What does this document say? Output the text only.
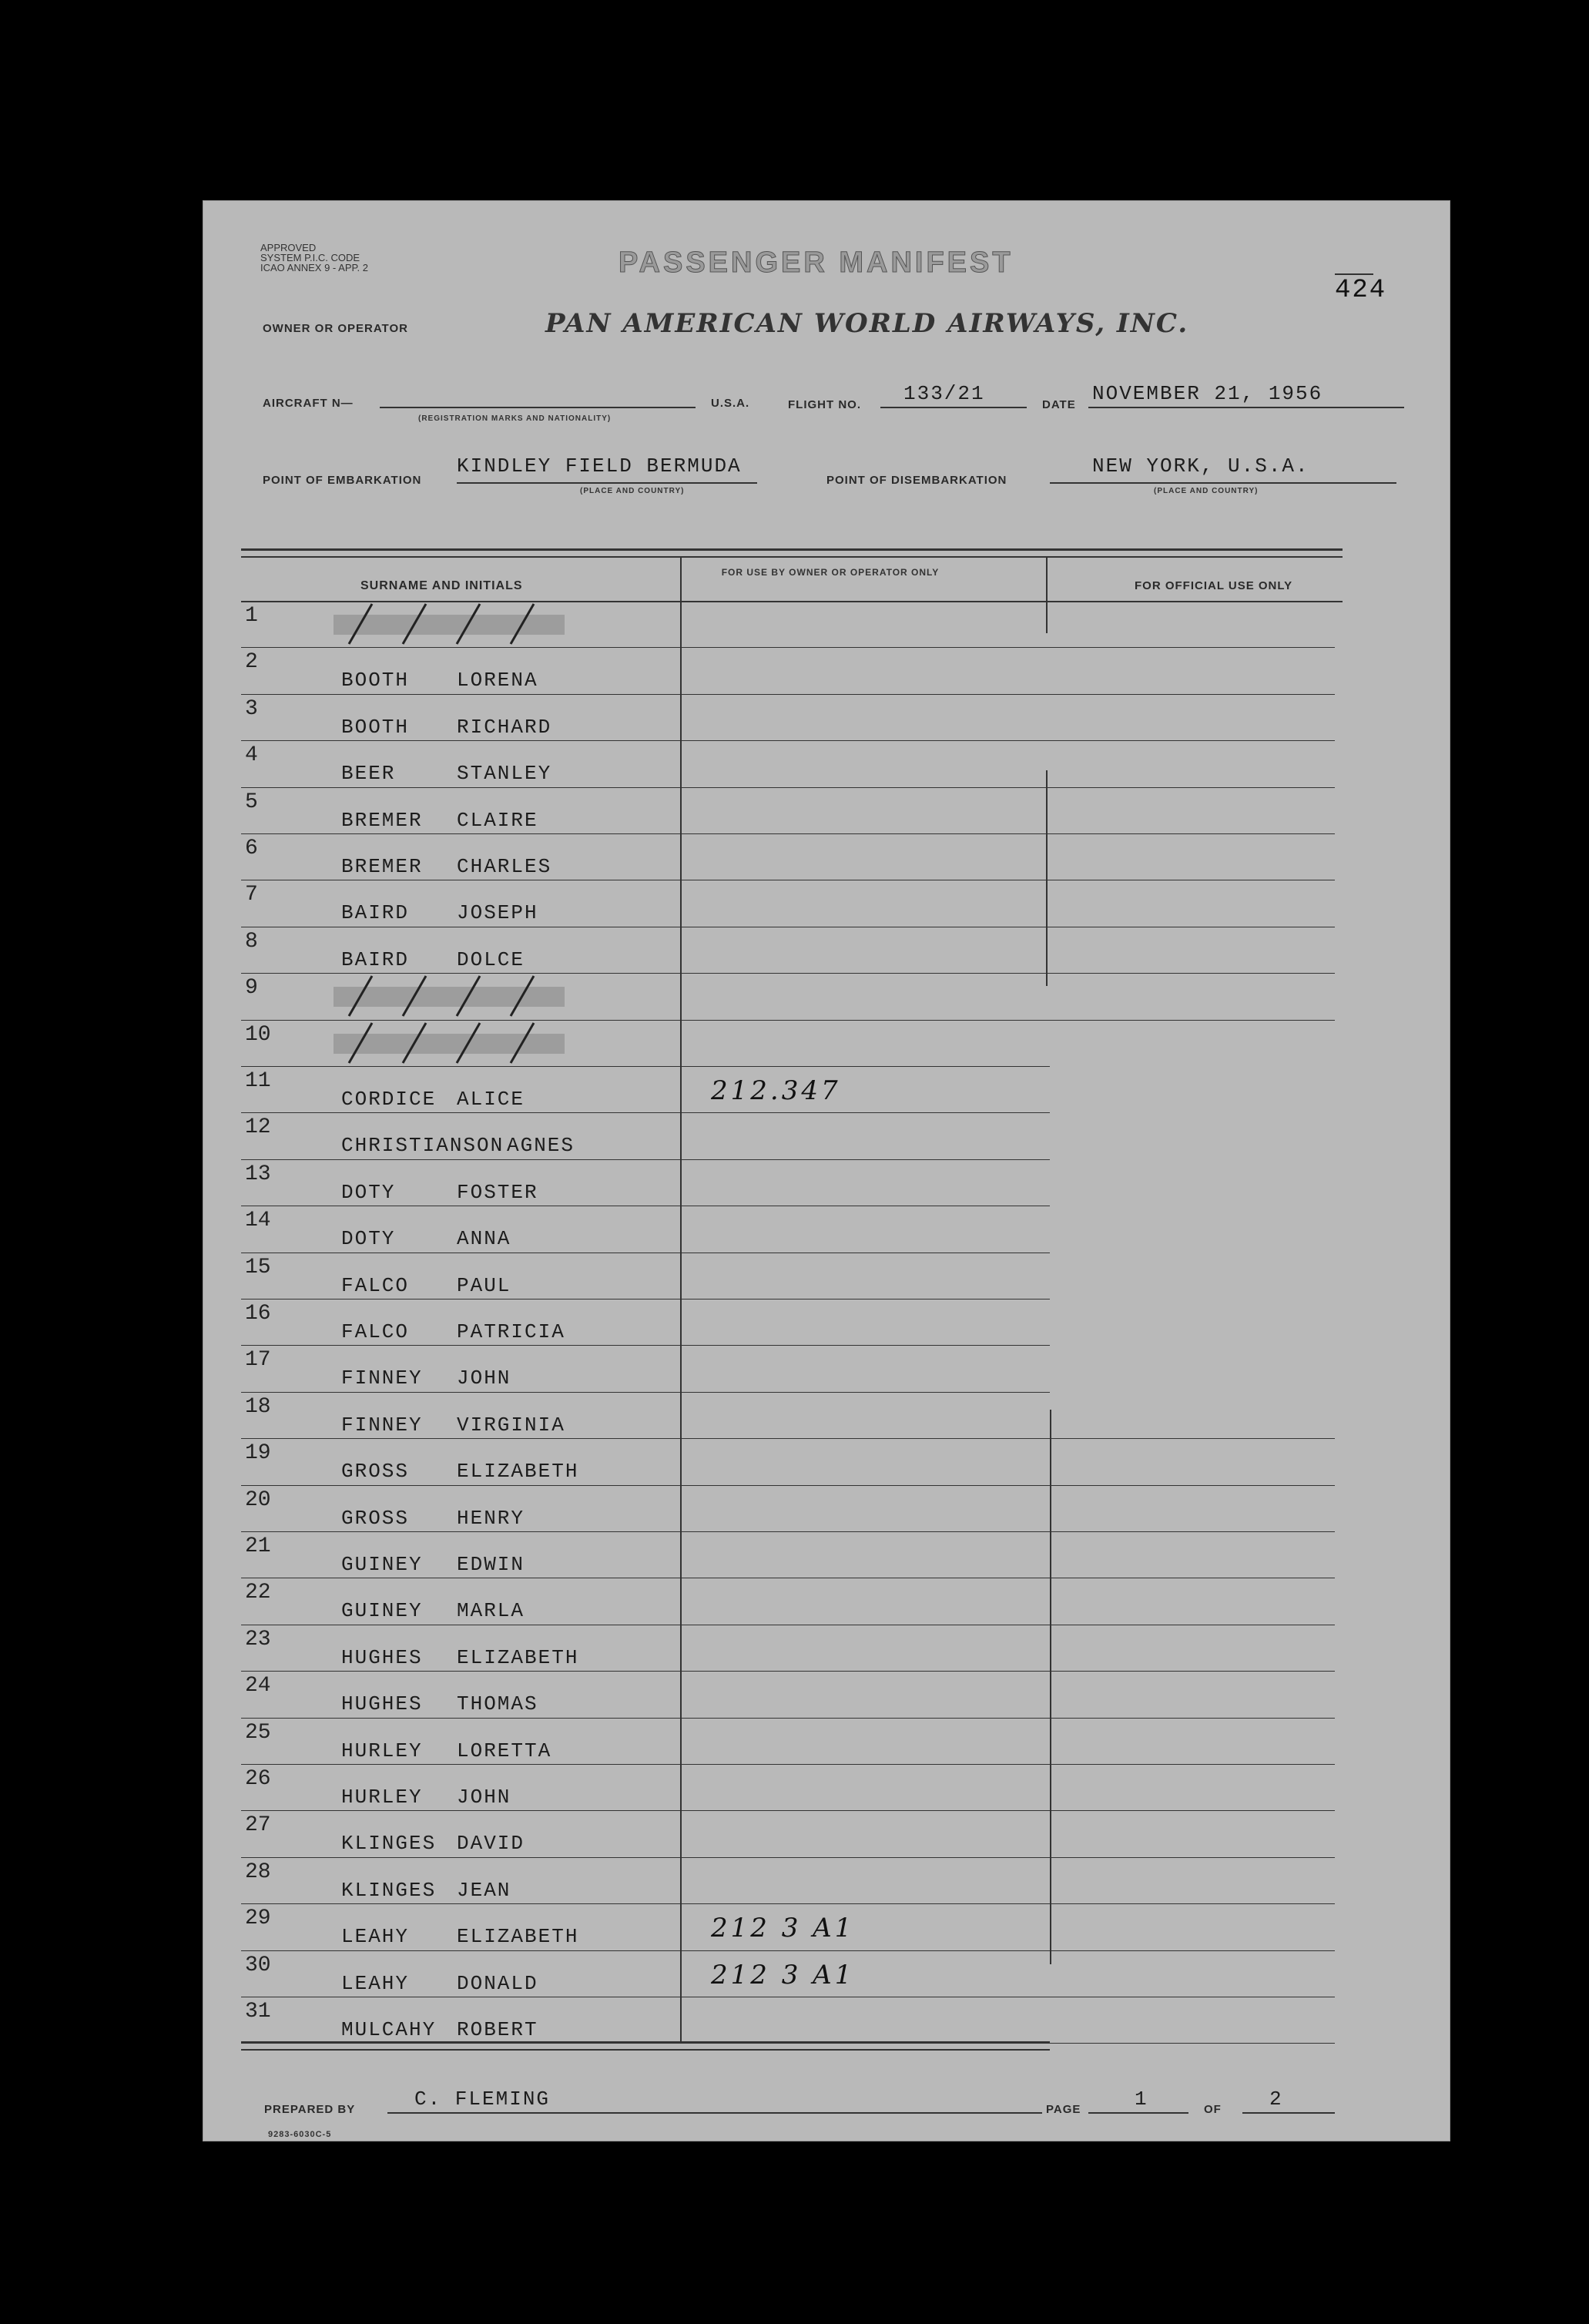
APPROVED
SYSTEM P.I.C. CODE
ICAO ANNEX 9 - APP. 2	PASSENGER MANIFEST
424
OWNER OR OPERATOR	PAN AMERICAN WORLD AIRWAYS, INC.
AIRCRAFT N—
(REGISTRATION MARKS AND NATIONALITY)
U.S.A.	FLIGHT NO. 133/21	DATE NOVEMBER 21, 1956
POINT OF EMBARKATION
KINDLEY FIELD BERMUDA
(PLACE AND COUNTRY)
POINT OF DISEMBARKATION
NEW YORK, U.S.A.
(PLACE AND COUNTRY)
SURNAME AND INITIALS
FOR USE BY OWNER OR OPERATOR ONLY
FOR OFFICIAL USE ONLY
1
2
BOOTH LORENA
3
BOOTH RICHARD
4
BEER	STANLEY
5
BREMER CLAIRE
6
BREMER CHARLES
7
BAIRD JOSEPH
8
BAIRD DOLCE
9
10
11
CORDICE ALICE	212.347
12
CHRISTIANSON AGNES
13
DOTY	FOSTER
14
DOTY	ANNA
15
FALCO PAUL
16
FALCO PATRICIA
17
FINNEY JOHN
18
FINNEY VIRGINIA
19
GROSS ELIZABETH
20
GROSS HENRY
21
GUINEY EDWIN
22
GUINEY MARLA
23
HUGHES ELIZABETH
24
HUGHES THOMAS
25
HURLEY LORETTA
26
HURLEY JOHN
27
KLINGES DAVID
28
KLINGES JEAN
29
LEAHY ELIZABETH	212 3 A1
30
LEAHY DONALD	212 3 A1
31
MULCAHY ROBERT
PREPARED BY	C. FLEMING	PAGE	1	OF 2
9283-6030C-5
